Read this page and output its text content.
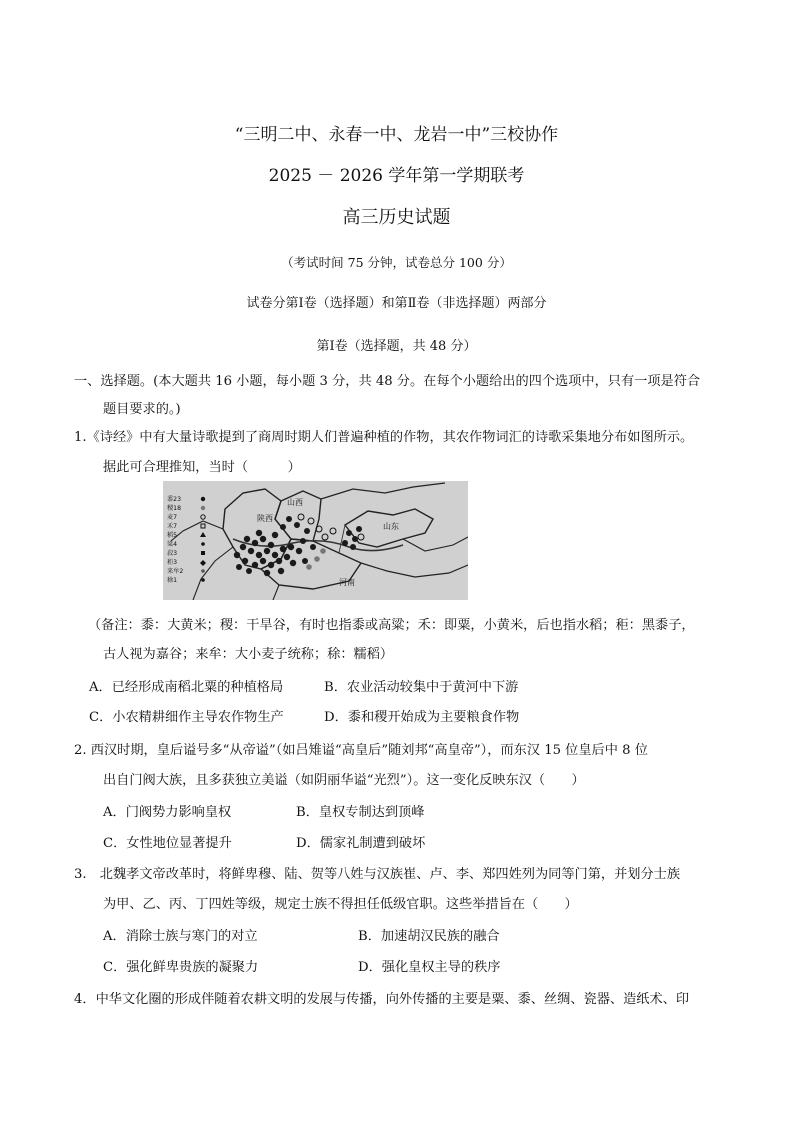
“三明二中、永春一中、龙岩一中”三校协作
2025 － 2026 学年第一学期联考
高三历史试题
（考试时间 75 分钟，试卷总分 100 分）
试卷分第Ⅰ卷（选择题）和第Ⅱ卷（非选择题）两部分
第Ⅰ卷（选择题，共 48 分）
一、选择题。(本大题共 16 小题，每小题 3 分，共 48 分。在每个小题给出的四个选项中，只有一项是符合
题目要求的。)
1.《诗经》中有大量诗歌提到了商周时期人们普遍种植的作物，其农作物词汇的诗歌采集地分布如图所示。
据此可合理推知，当时（　　　）
黍23
稷18
麦7
禾7
稻5
粱4
菽3
秬3
来牟2
稌1
山西
陕西
山东
河南
（备注：黍：大黄米；稷：干旱谷，有时也指黍或高粱；禾：即粟，小黄米，后也指水稻；秬：黑黍子，
古人视为嘉谷；来牟：大小麦子统称；稌：糯稻）
A．已经形成南稻北粟的种植格局	B．农业活动较集中于黄河中下游
C．小农精耕细作主导农作物生产	D．黍和稷开始成为主要粮食作物
2. 西汉时期，皇后谥号多“从帝谥”（如吕雉谥“高皇后”随刘邦“高皇帝”），而东汉 15 位皇后中 8 位
出自门阀大族，且多获独立美谥（如阴丽华谥“光烈”）。这一变化反映东汉（　　）
A．门阀势力影响皇权	B．皇权专制达到顶峰
C．女性地位显著提升	D．儒家礼制遭到破坏
3.　北魏孝文帝改革时，将鲜卑穆、陆、贺等八姓与汉族崔、卢、李、郑四姓列为同等门第，并划分士族
为甲、乙、丙、丁四姓等级，规定士族不得担任低级官职。这些举措旨在（　　）
A．消除士族与寒门的对立	B．加速胡汉民族的融合
C．强化鲜卑贵族的凝聚力	D．强化皇权主导的秩序
4．中华文化圈的形成伴随着农耕文明的发展与传播，向外传播的主要是粟、黍、丝绸、瓷器、造纸术、印
